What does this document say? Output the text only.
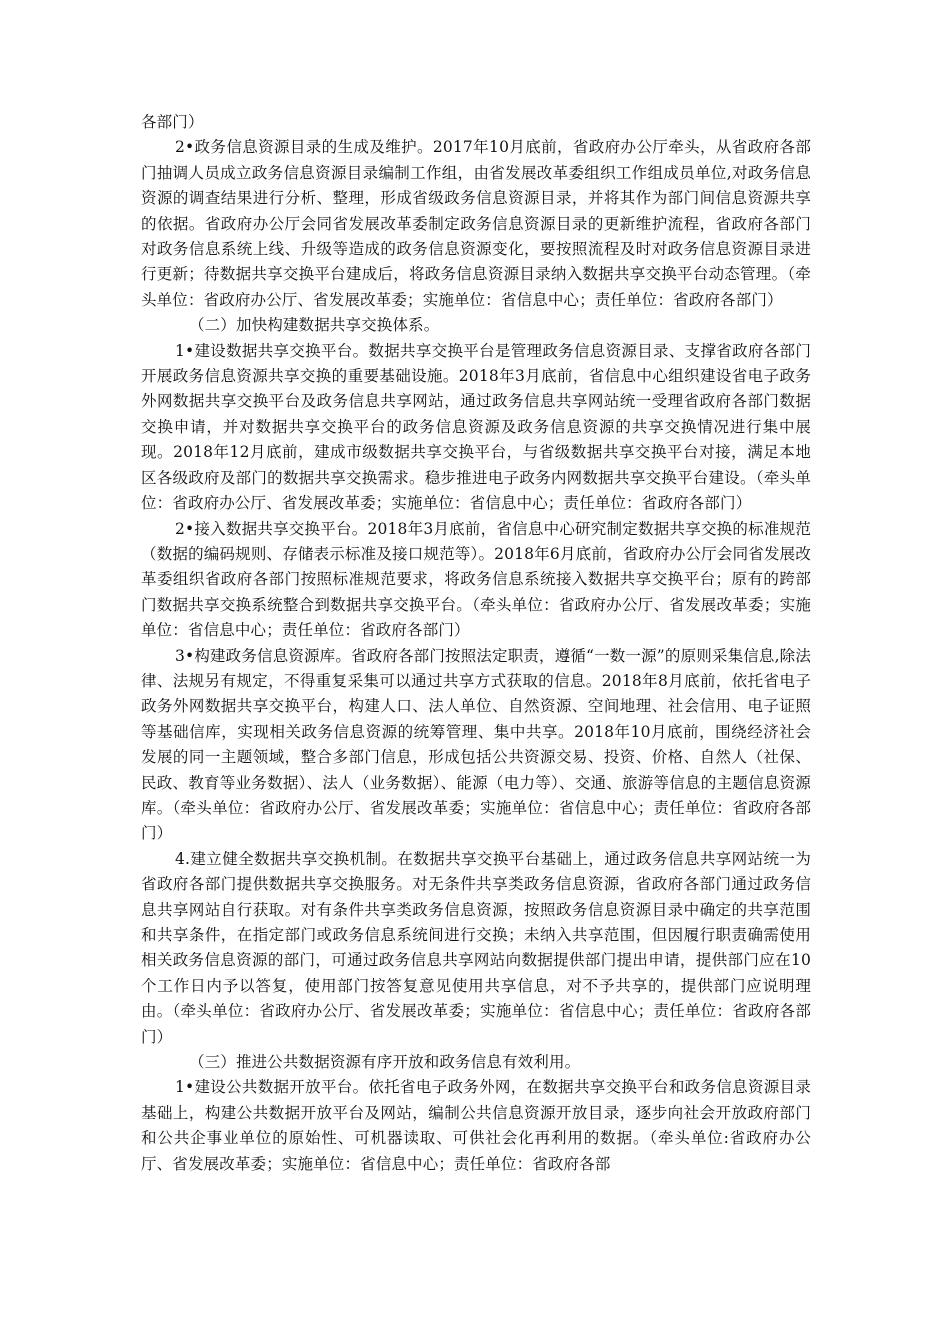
各部门）

2•政务信息资源目录的生成及维护。2017年10月底前，省政府办公厅牵头，从省政府各部门抽调人员成立政务信息资源目录编制工作组，由省发展改革委组织工作组成员单位,对政务信息资源的调查结果进行分析、整理，形成省级政务信息资源目录，并将其作为部门间信息资源共享的依据。省政府办公厅会同省发展改革委制定政务信息资源目录的更新维护流程，省政府各部门对政务信息系统上线、升级等造成的政务信息资源变化，要按照流程及时对政务信息资源目录进行更新；待数据共享交换平台建成后，将政务信息资源目录纳入数据共享交换平台动态管理。（牵头单位：省政府办公厅、省发展改革委；实施单位：省信息中心；责任单位：省政府各部门）

（二）加快构建数据共享交换体系。

1•建设数据共享交换平台。数据共享交换平台是管理政务信息资源目录、支撑省政府各部门开展政务信息资源共享交换的重要基础设施。2018年3月底前，省信息中心组织建设省电子政务外网数据共享交换平台及政务信息共享网站，通过政务信息共享网站统一受理省政府各部门数据交换申请，并对数据共享交换平台的政务信息资源及政务信息资源的共享交换情况进行集中展现。2018年12月底前，建成市级数据共享交换平台，与省级数据共享交换平台对接，满足本地区各级政府及部门的数据共享交换需求。稳步推进电子政务内网数据共享交换平台建设。（牵头单位：省政府办公厅、省发展改革委；实施单位：省信息中心；责任单位：省政府各部门）

2•接入数据共享交换平台。2018年3月底前，省信息中心研究制定数据共享交换的标准规范（数据的编码规则、存储表示标准及接口规范等）。2018年6月底前，省政府办公厅会同省发展改革委组织省政府各部门按照标准规范要求，将政务信息系统接入数据共享交换平台；原有的跨部门数据共享交换系统整合到数据共享交换平台。（牵头单位：省政府办公厅、省发展改革委；实施单位：省信息中心；责任单位：省政府各部门）

3•构建政务信息资源库。省政府各部门按照法定职责，遵循“一数一源”的原则采集信息,除法律、法规另有规定，不得重复采集可以通过共享方式获取的信息。2018年8月底前，依托省电子政务外网数据共享交换平台，构建人口、法人单位、自然资源、空间地理、社会信用、电子证照等基础信库，实现相关政务信息资源的统筹管理、集中共享。2018年10月底前，围绕经济社会发展的同一主题领域，整合多部门信息，形成包括公共资源交易、投资、价格、自然人（社保、民政、教育等业务数据）、法人（业务数据）、能源（电力等）、交通、旅游等信息的主题信息资源库。（牵头单位：省政府办公厅、省发展改革委；实施单位：省信息中心；责任单位：省政府各部门）

4.建立健全数据共享交换机制。在数据共享交换平台基础上，通过政务信息共享网站统一为省政府各部门提供数据共享交换服务。对无条件共享类政务信息资源，省政府各部门通过政务信息共享网站自行获取。对有条件共享类政务信息资源，按照政务信息资源目录中确定的共享范围和共享条件，在指定部门或政务信息系统间进行交换；未纳入共享范围，但因履行职责确需使用相关政务信息资源的部门，可通过政务信息共享网站向数据提供部门提出申请，提供部门应在10个工作日内予以答复，使用部门按答复意见使用共享信息，对不予共享的，提供部门应说明理由。（牵头单位：省政府办公厅、省发展改革委；实施单位：省信息中心；责任单位：省政府各部门）

（三）推进公共数据资源有序开放和政务信息有效利用。

1•建设公共数据开放平台。依托省电子政务外网，在数据共享交换平台和政务信息资源目录基础上，构建公共数据开放平台及网站，编制公共信息资源开放目录，逐步向社会开放政府部门和公共企事业单位的原始性、可机器读取、可供社会化再利用的数据。（牵头单位:省政府办公厅、省发展改革委；实施单位：省信息中心；责任单位：省政府各部
